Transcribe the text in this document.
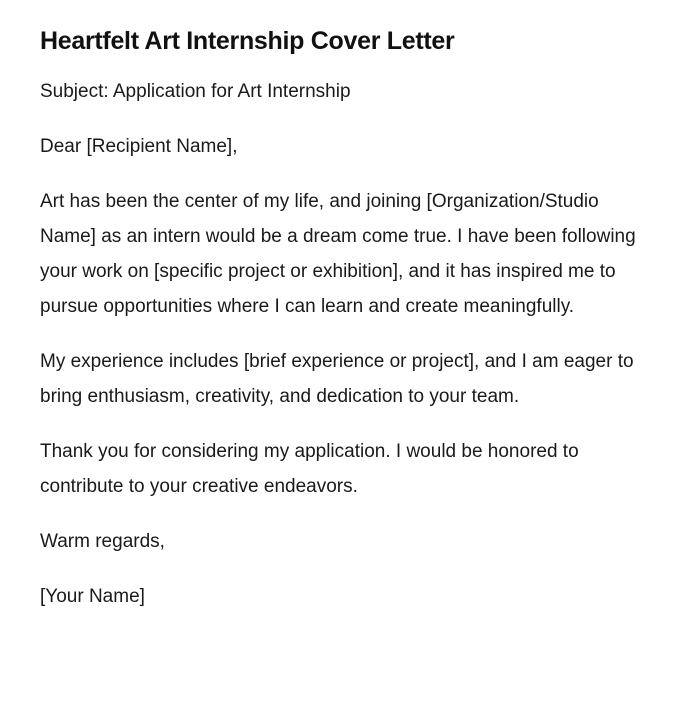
Heartfelt Art Internship Cover Letter

Subject: Application for Art Internship

Dear [Recipient Name],

Art has been the center of my life, and joining [Organization/Studio Name] as an intern would be a dream come true. I have been following your work on [specific project or exhibition], and it has inspired me to pursue opportunities where I can learn and create meaningfully.

My experience includes [brief experience or project], and I am eager to bring enthusiasm, creativity, and dedication to your team.

Thank you for considering my application. I would be honored to contribute to your creative endeavors.

Warm regards,

[Your Name]
